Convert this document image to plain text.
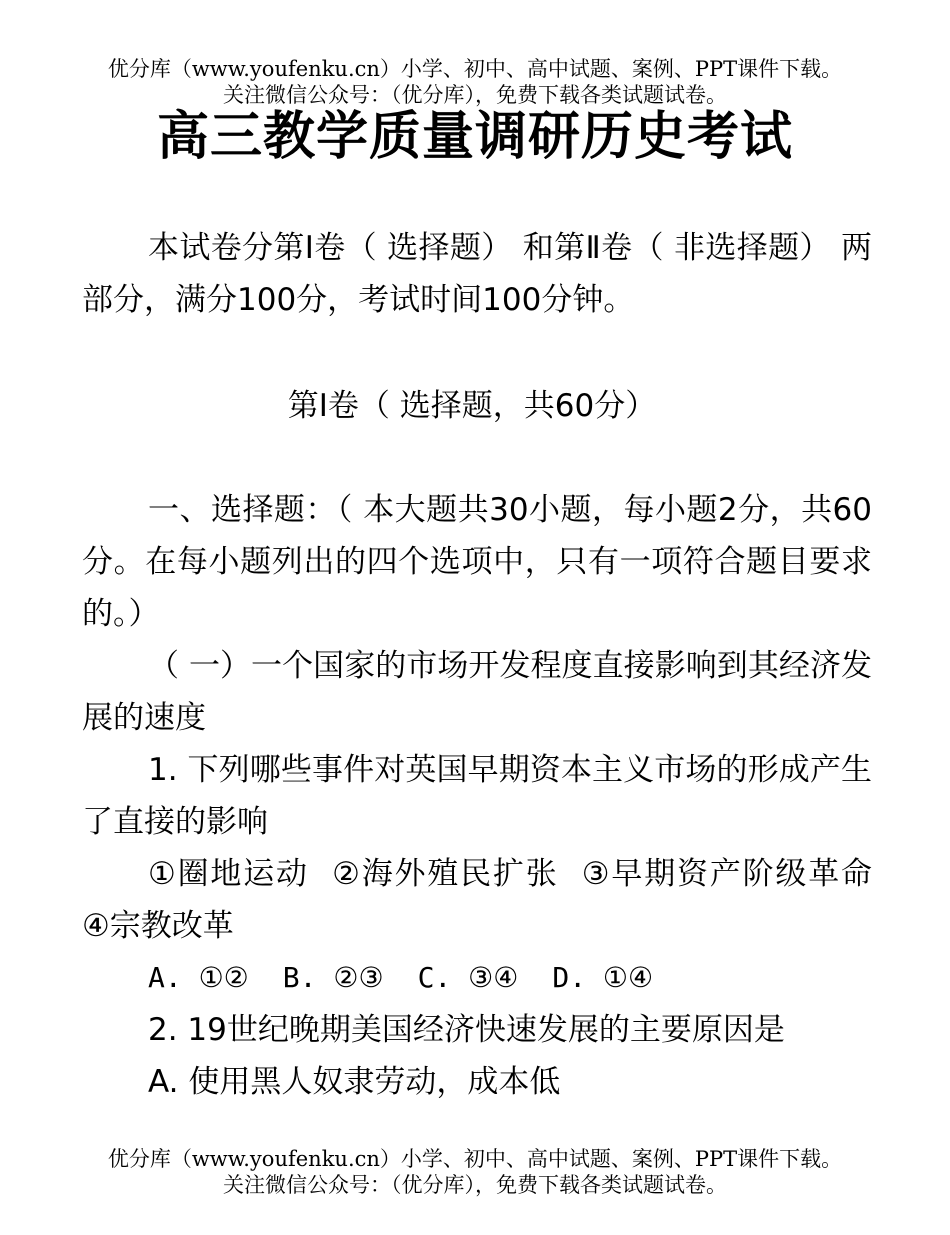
优分库（www.youfenku.cn）小学、初中、高中试题、案例、PPT课件下载。
关注微信公众号：（优分库），免费下载各类试题试卷。
高三教学质量调研历史考试

本试卷分第Ⅰ卷（ 选择题） 和第Ⅱ卷（ 非选择题） 两部分，满分100分，考试时间100分钟。

第Ⅰ卷（ 选择题，共60分）

一、选择题：（ 本大题共30小题，每小题2分，共60分。在每小题列出的四个选项中，只有一项符合题目要求的。）

（ 一）一个国家的市场开发程度直接影响到其经济发展的速度

1. 下列哪些事件对英国早期资本主义市场的形成产生了直接的影响

①圈地运动  ②海外殖民扩张  ③早期资产阶级革命  ④宗教改革

A. ①② B. ②③ C. ③④ D. ①④

2. 19世纪晚期美国经济快速发展的主要原因是

A. 使用黑人奴隶劳动，成本低

优分库（www.youfenku.cn）小学、初中、高中试题、案例、PPT课件下载。
关注微信公众号：（优分库），免费下载各类试题试卷。
